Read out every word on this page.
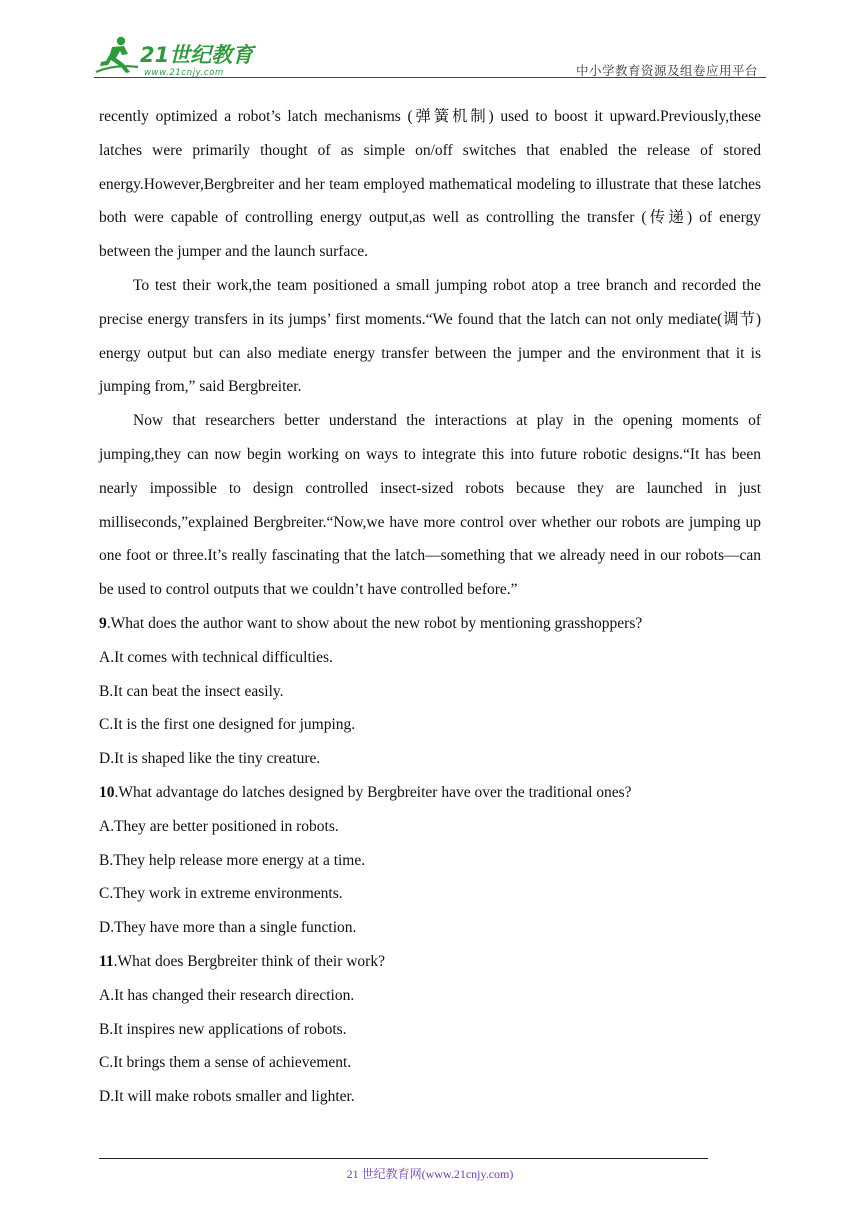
21世纪教育
www.21cnjy.com	中小学教育资源及组卷应用平台

recently optimized a robot’s latch mechanisms (弹簧机制) used to boost it upward.Previously,these latches were primarily thought of as simple on/off switches that enabled the release of stored energy.However,Bergbreiter and her team employed mathematical modeling to illustrate that these latches both were capable of controlling energy output,as well as controlling the transfer (传递) of energy between the jumper and the launch surface.

To test their work,the team positioned a small jumping robot atop a tree branch and recorded the precise energy transfers in its jumps’ first moments.“We found that the latch can not only mediate(调节) energy output but can also mediate energy transfer between the jumper and the environment that it is jumping from,” said Bergbreiter.

Now that researchers better understand the interactions at play in the opening moments of jumping,they can now begin working on ways to integrate this into future robotic designs.“It has been nearly impossible to design controlled insect-sized robots because they are launched in just milliseconds,”explained Bergbreiter.“Now,we have more control over whether our robots are jumping up one foot or three.It’s really fascinating that the latch—something that we already need in our robots—can be used to control outputs that we couldn’t have controlled before.”

9.What does the author want to show about the new robot by mentioning grasshoppers?
A.It comes with technical difficulties.
B.It can beat the insect easily.
C.It is the first one designed for jumping.
D.It is shaped like the tiny creature.
10.What advantage do latches designed by Bergbreiter have over the traditional ones?
A.They are better positioned in robots.
B.They help release more energy at a time.
C.They work in extreme environments.
D.They have more than a single function.
11.What does Bergbreiter think of their work?
A.It has changed their research direction.
B.It inspires new applications of robots.
C.It brings them a sense of achievement.
D.It will make robots smaller and lighter.
21 世纪教育网(www.21cnjy.com)
